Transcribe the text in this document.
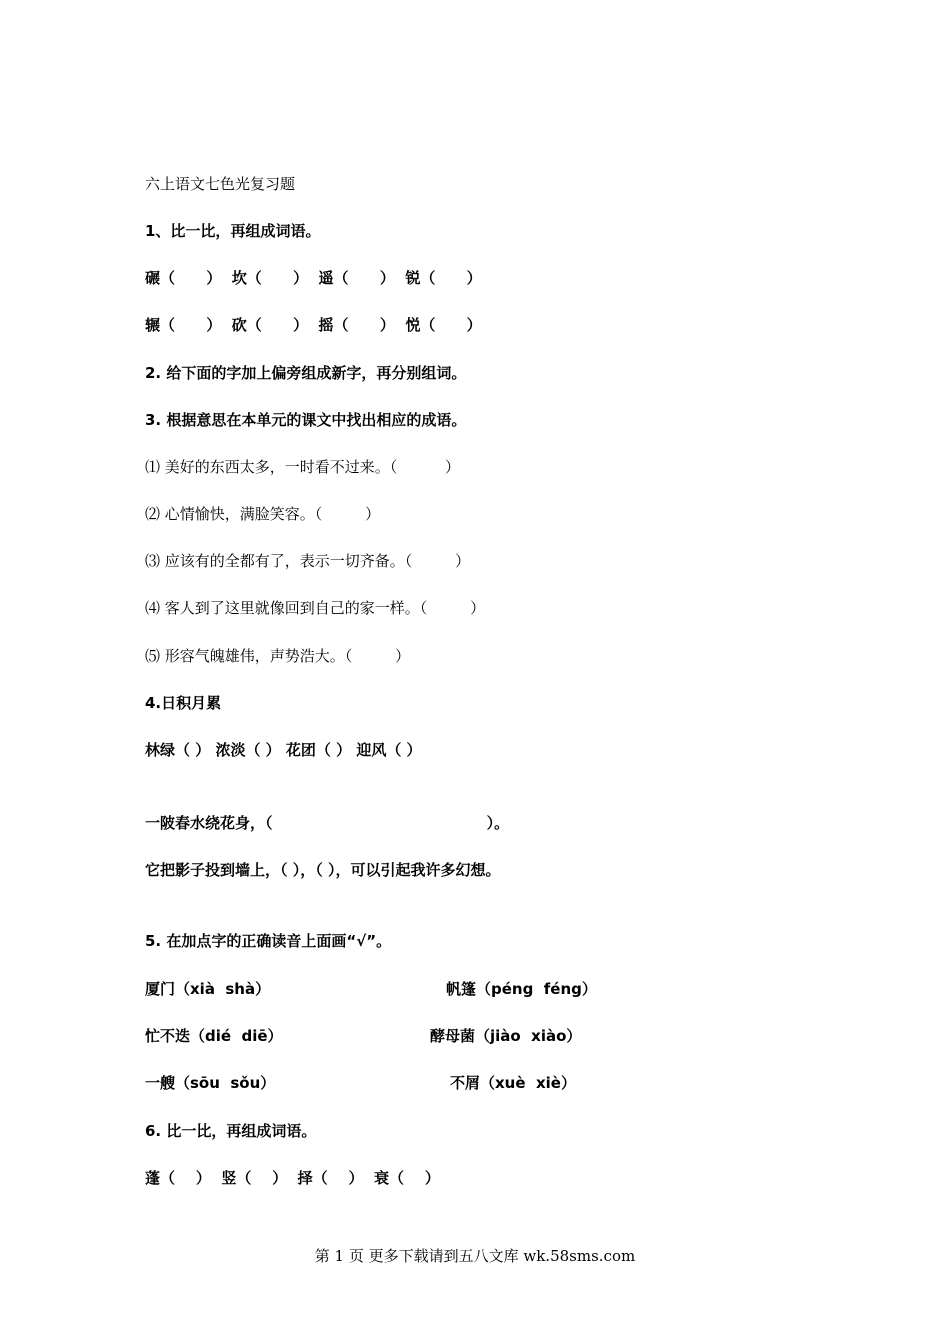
六上语文七色光复习题
1、比一比，再组成词语。
碾（      ）  坎（      ）  遥（      ）  锐（      ）
辗（      ）  砍（      ）  摇（      ）  悦（      ）
2. 给下面的字加上偏旁组成新字，再分别组词。
3. 根据意思在本单元的课文中找出相应的成语。
⑴ 美好的东西太多，一时看不过来。（          ）
⑵ 心情愉快，满脸笑容。（         ）
⑶ 应该有的全都有了，表示一切齐备。（         ）
⑷ 客人到了这里就像回到自己的家一样。（         ）
⑸ 形容气魄雄伟，声势浩大。（         ）
4.日积月累
林绿（ ） 浓淡（ ） 花团（ ） 迎风（ ）
一陂春水绕花身，（                                         ）。
它把影子投到墙上，（ ），（ ），可以引起我许多幻想。
5. 在加点字的正确读音上面画“√”。
厦门（xià  shà）	帆篷（péng  féng）
忙不迭（dié  diē）	酵母菌（jiào  xiào）
一艘（sōu  sǒu）	不屑（xuè  xiè）
6. 比一比，再组成词语。
蓬（    ）  竖（    ）  择（    ）  衰（    ）
第 1 页 更多下载请到五八文库 wk.58sms.com
